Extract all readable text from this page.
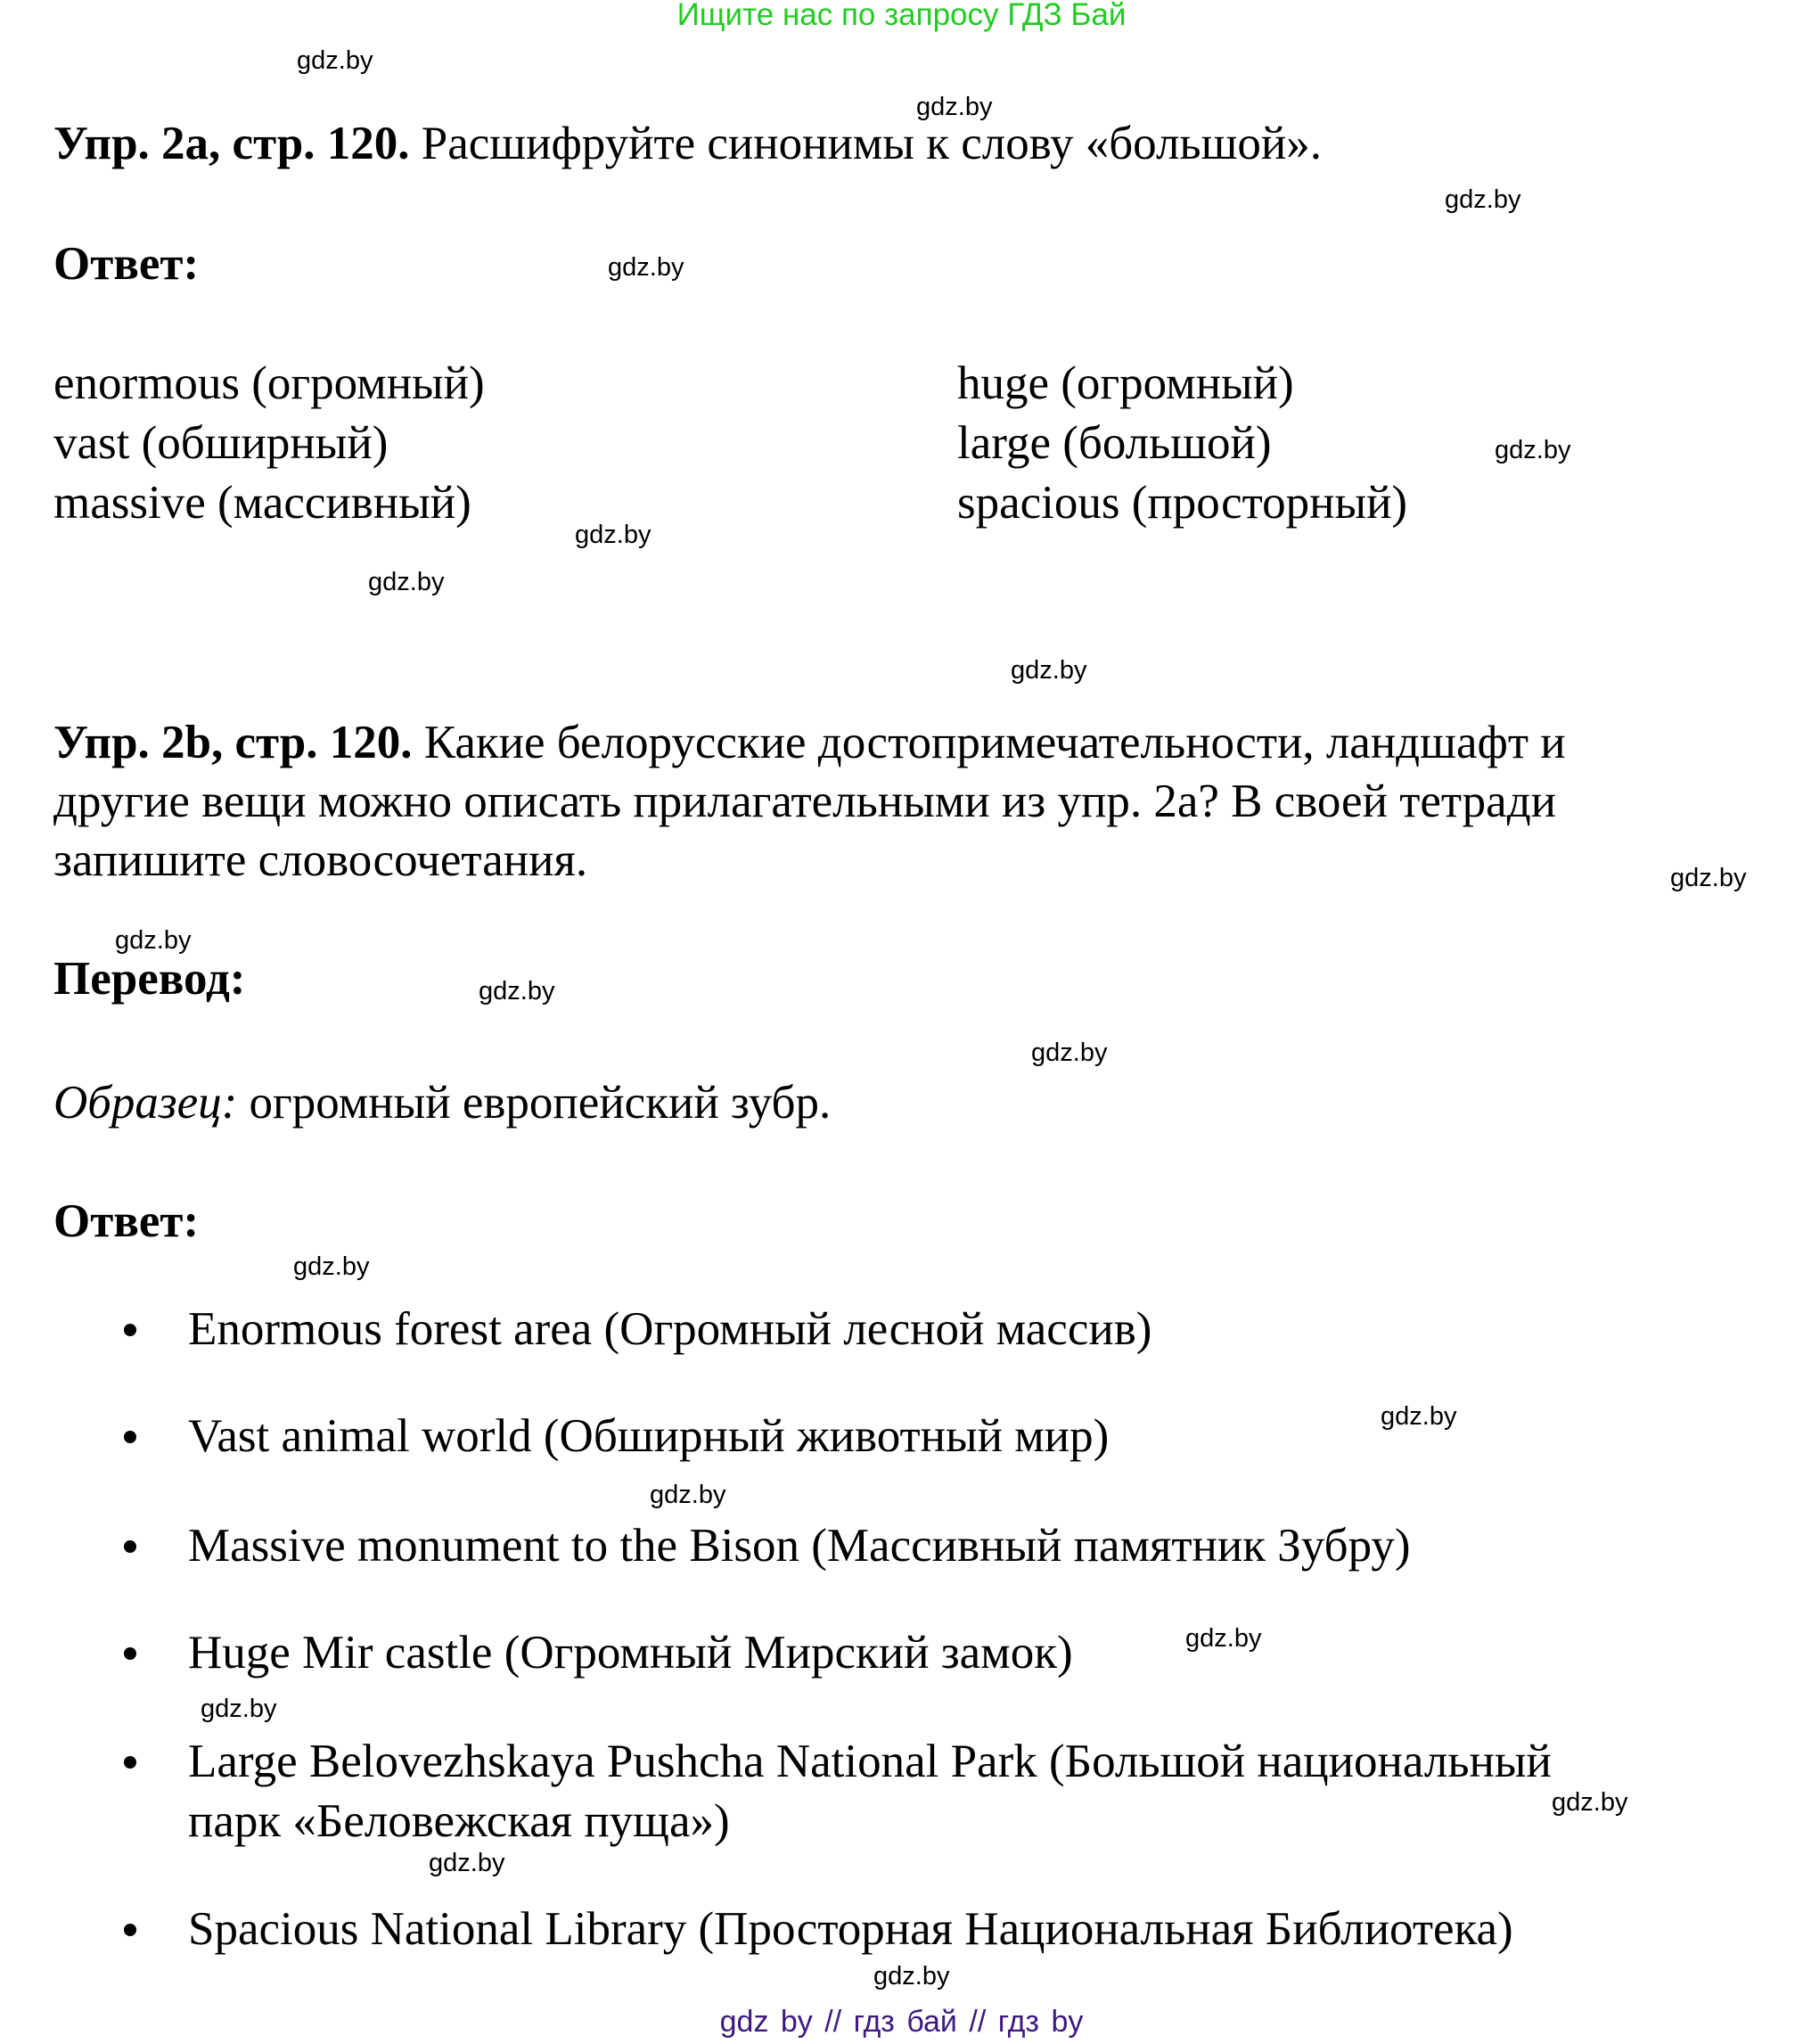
Ищите нас по запросу ГДЗ Бай
gdz.by
gdz.by
gdz.by
gdz.by
gdz.by
gdz.by
gdz.by
gdz.by
gdz.by
gdz.by
gdz.by
gdz.by
gdz.by
gdz.by
gdz.by
gdz.by
gdz.by
gdz.by
gdz.by
gdz.by
Упр. 2a, стр. 120. Расшифруйте синонимы к слову «большой».
Ответ:
enormous (огромный)
vast (обширный)
massive (массивный)
huge (огромный)
large (большой)
spacious (просторный)
Упр. 2b, стр. 120. Какие белорусские достопримечательности, ландшафт и
другие вещи можно описать прилагательными из упр. 2a? В своей тетради
запишите словосочетания.
Перевод:
Образец: огромный европейский зубр.
Ответ:
Enormous forest area (Огромный лесной массив)
Vast animal world (Обширный животный мир)
Massive monument to the Bison (Массивный памятник Зубру)
Huge Mir castle (Огромный Мирский замок)
Large Belovezhskaya Pushcha National Park (Большой национальный
парк «Беловежская пуща»)
Spacious National Library (Просторная Национальная Библиотека)
gdz by // гдз бай // гдз by
